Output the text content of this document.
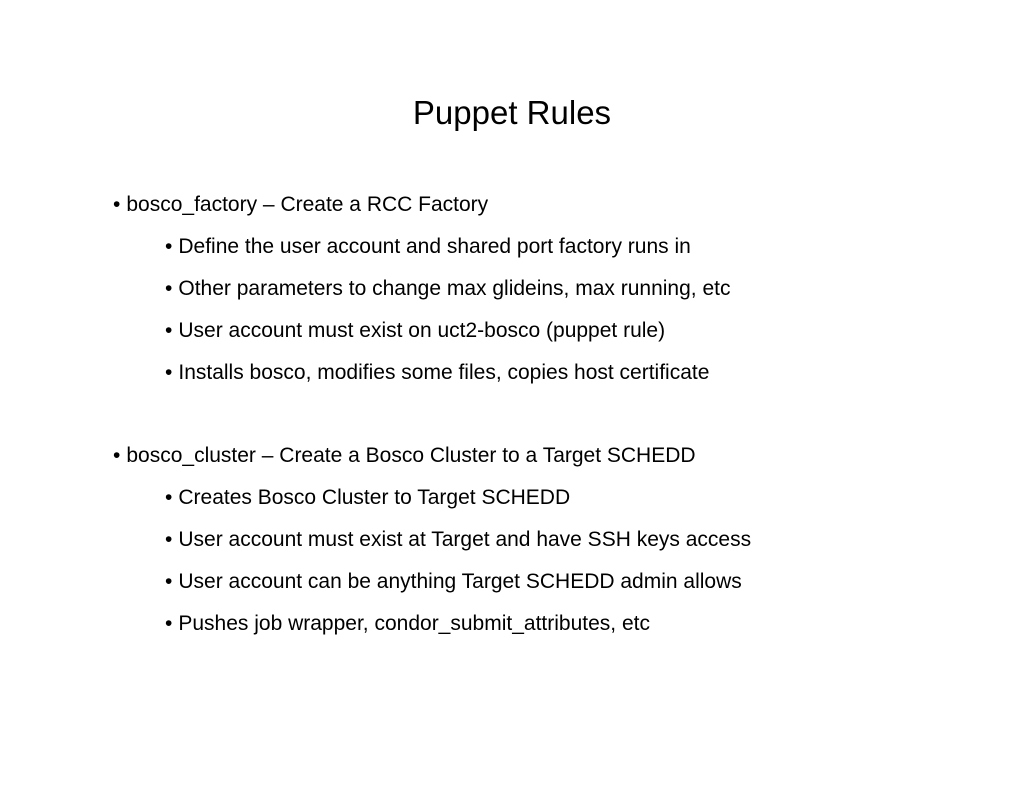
Puppet Rules

• bosco_factory – Create a RCC Factory

• Define the user account and shared port factory runs in

• Other parameters to change max glideins, max running, etc

• User account must exist on uct2-bosco (puppet rule)

• Installs bosco, modifies some files, copies host certificate

• bosco_cluster – Create a Bosco Cluster to a Target SCHEDD

• Creates Bosco Cluster to Target SCHEDD

• User account must exist at Target and have SSH keys access

• User account can be anything Target SCHEDD admin allows

• Pushes job wrapper, condor_submit_attributes, etc
